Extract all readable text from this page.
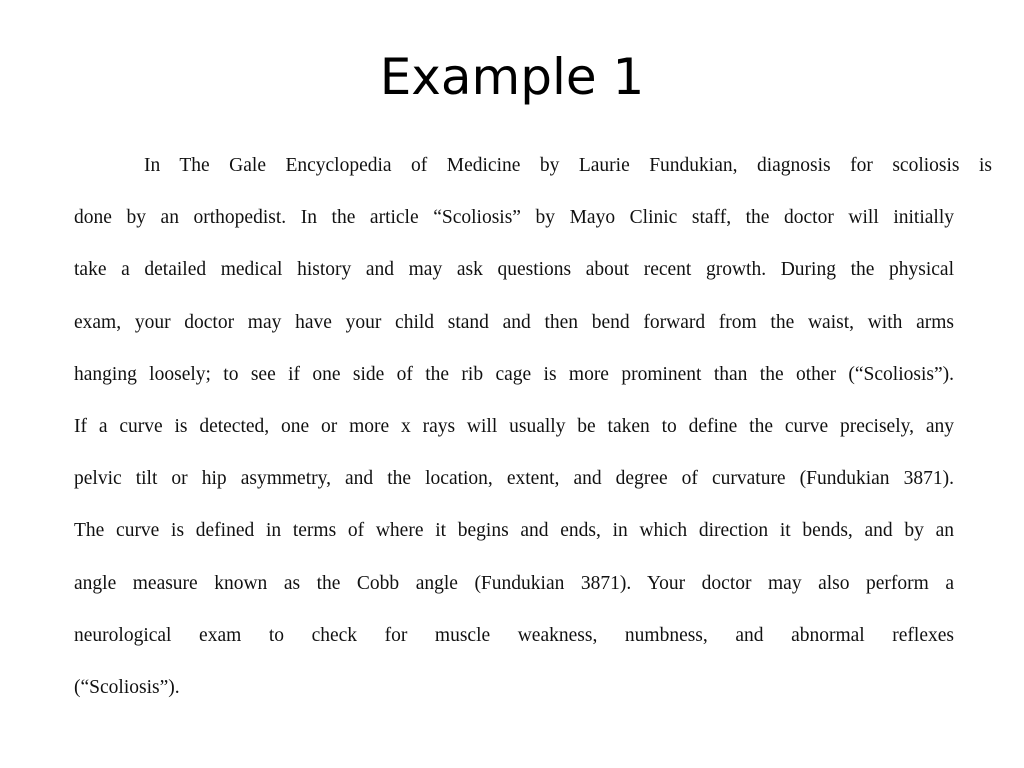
Example 1
In The Gale Encyclopedia of Medicine by Laurie Fundukian, diagnosis for scoliosis is
done by an orthopedist. In the article “Scoliosis” by Mayo Clinic staff, the doctor will initially
take a detailed medical history and may ask questions about recent growth. During the physical
exam, your doctor may have your child stand and then bend forward from the waist, with arms
hanging loosely; to see if one side of the rib cage is more prominent than the other (“Scoliosis”).
If a curve is detected, one or more x rays will usually be taken to define the curve precisely, any
pelvic tilt or hip asymmetry, and the location, extent, and degree of curvature (Fundukian 3871).
The curve is defined in terms of where it begins and ends, in which direction it bends, and by an
angle measure known as the Cobb angle (Fundukian 3871). Your doctor may also perform a
neurological exam to check for muscle weakness, numbness, and abnormal reflexes
(“Scoliosis”).
